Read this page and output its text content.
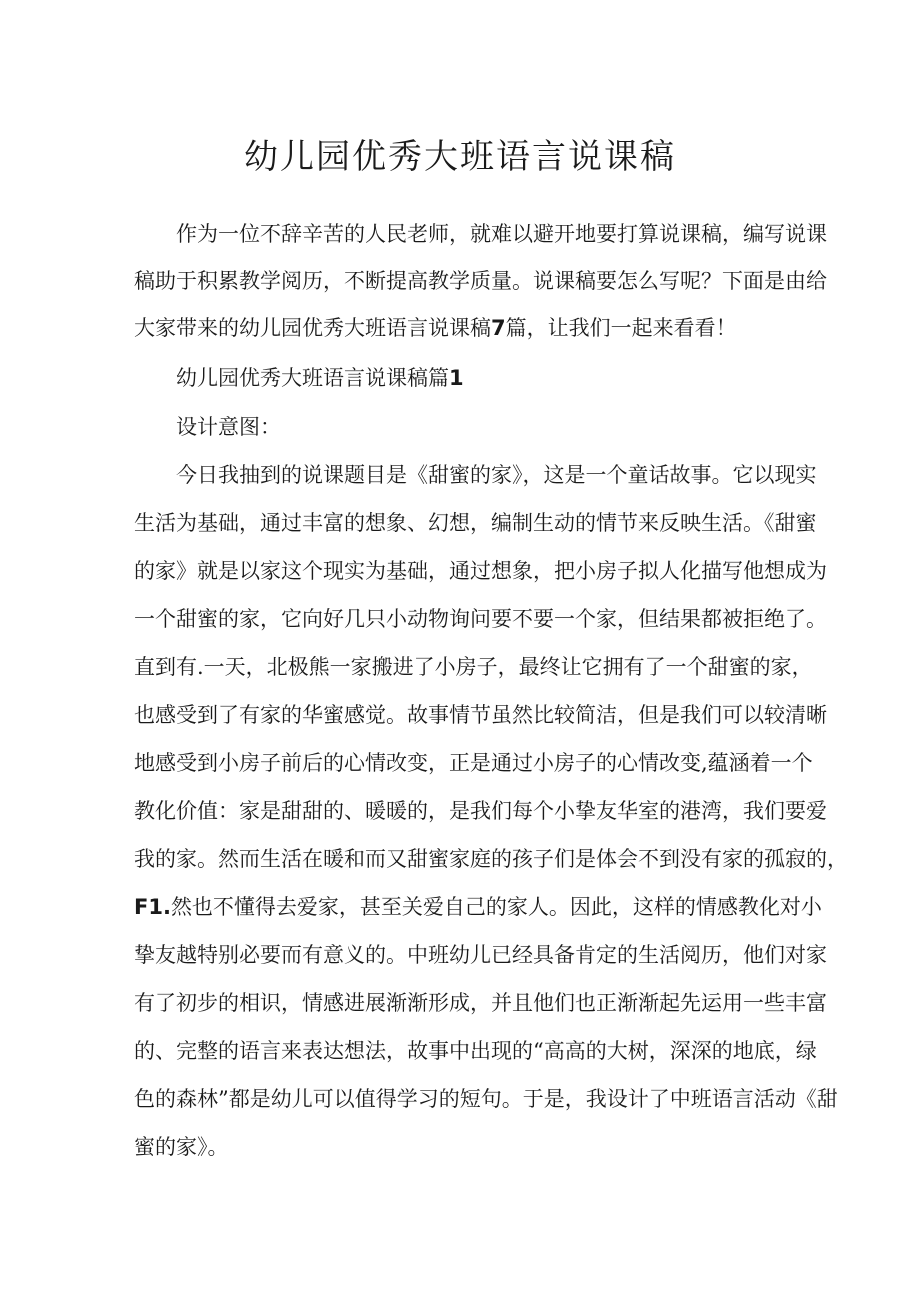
幼儿园优秀大班语言说课稿

作为一位不辞辛苦的人民老师，就难以避开地要打算说课稿，编写说课

稿助于积累教学阅历，不断提高教学质量。说课稿要怎么写呢？下面是由给

大家带来的幼儿园优秀大班语言说课稿7篇，让我们一起来看看！

幼儿园优秀大班语言说课稿篇1

设计意图：

今日我抽到的说课题目是《甜蜜的家》，这是一个童话故事。它以现实

生活为基础，通过丰富的想象、幻想，编制生动的情节来反映生活。《甜蜜

的家》就是以家这个现实为基础，通过想象，把小房子拟人化描写他想成为

一个甜蜜的家，它向好几只小动物询问要不要一个家，但结果都被拒绝了。

直到有.一天，北极熊一家搬进了小房子，最终让它拥有了一个甜蜜的家，

也感受到了有家的华蜜感觉。故事情节虽然比较简洁，但是我们可以较清晰

地感受到小房子前后的心情改变，正是通过小房子的心情改变,蕴涵着一个

教化价值：家是甜甜的、暖暖的，是我们每个小挚友华室的港湾，我们要爱

我的家。然而生活在暖和而又甜蜜家庭的孩子们是体会不到没有家的孤寂的，

F1.然也不懂得去爱家，甚至关爱自己的家人。因此，这样的情感教化对小

挚友越特别必要而有意义的。中班幼儿已经具备肯定的生活阅历，他们对家

有了初步的相识，情感进展渐渐形成，并且他们也正渐渐起先运用一些丰富

的、完整的语言来表达想法，故事中出现的“高高的大树，深深的地底，绿

色的森林”都是幼儿可以值得学习的短句。于是，我设计了中班语言活动《甜

蜜的家》。
